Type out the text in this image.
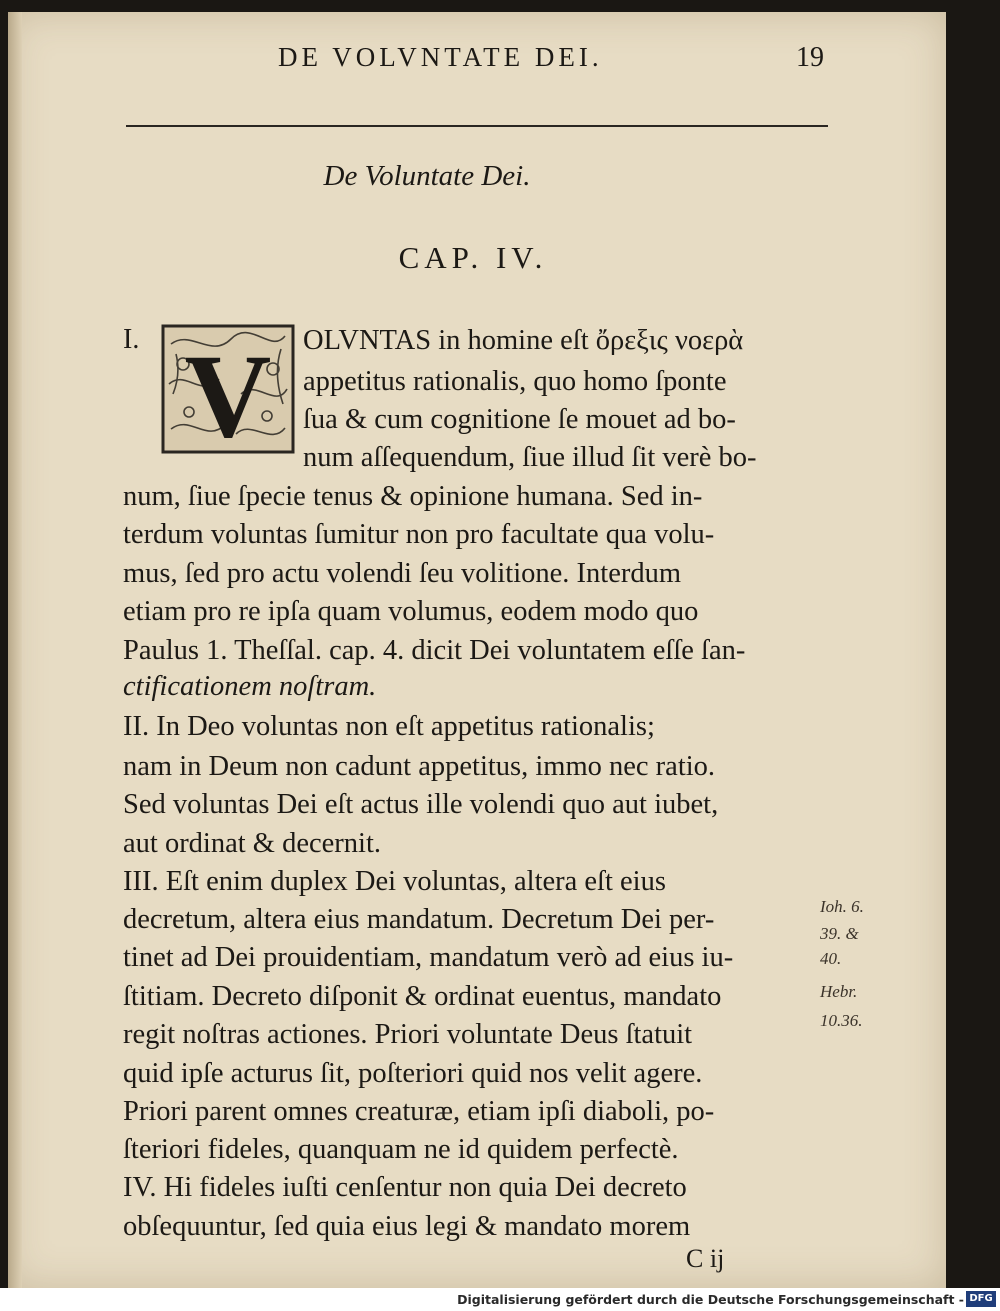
DE VOLVNTATE DEI.	19
De Voluntate Dei.
CAP. IV.
I. V OLVNTAS in homine eſt ὄρεξις νοερὰ
appetitus rationalis, quo homo ſponte
ſua & cum cognitione ſe mouet ad bo-
num aſſequendum, ſiue illud ſit verè bo-
num, ſiue ſpecie tenus & opinione humana. Sed in-
terdum voluntas ſumitur non pro facultate qua volu-
mus, ſed pro actu volendi ſeu volitione. Interdum
etiam pro re ipſa quam volumus, eodem modo quo
Paulus 1. Theſſal. cap. 4. dicit Dei voluntatem eſſe ſan-
ctificationem noſtram.
II. In Deo voluntas non eſt appetitus rationalis;
nam in Deum non cadunt appetitus, immo nec ratio.
Sed voluntas Dei eſt actus ille volendi quo aut iubet,
aut ordinat & decernit.
III. Eſt enim duplex Dei voluntas, altera eſt eius
decretum, altera eius mandatum. Decretum Dei per-
tinet ad Dei prouidentiam, mandatum verò ad eius iu-
ſtitiam. Decreto diſponit & ordinat euentus, mandato
regit noſtras actiones. Priori voluntate Deus ſtatuit
quid ipſe acturus ſit, poſteriori quid nos velit agere.
Priori parent omnes creaturæ, etiam ipſi diaboli, po-
ſteriori fideles, quanquam ne id quidem perfectè.
IV. Hi fideles iuſti cenſentur non quia Dei decreto
obſequuntur, ſed quia eius legi & mandato morem
Ioh. 6.
39. &
40.
Hebr.
10.36.
C ij
Digitalisierung gefördert durch die Deutsche Forschungsgemeinschaft - DFG
